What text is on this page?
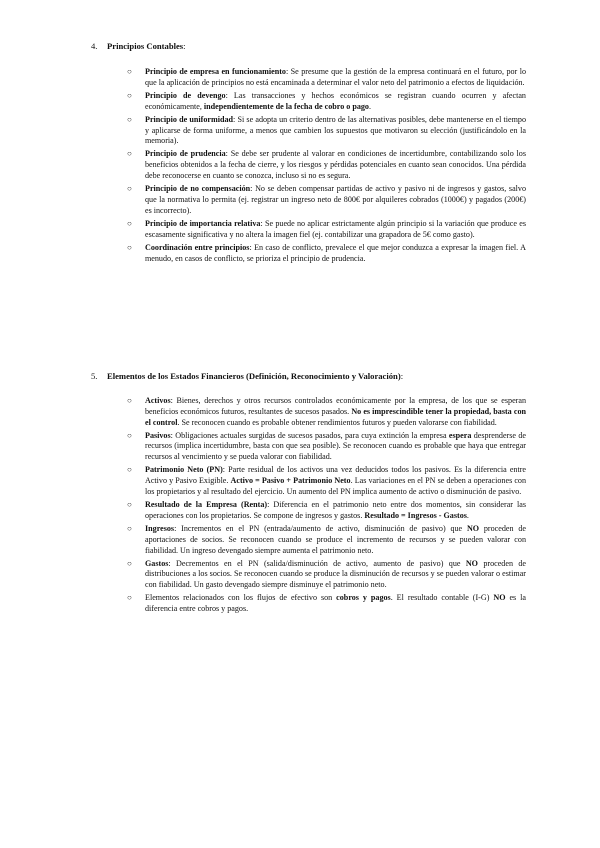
4. Principios Contables:
○ Principio de empresa en funcionamiento: Se presume que la gestión de la empresa continuará en el futuro, por lo que la aplicación de principios no está encaminada a determinar el valor neto del patrimonio a efectos de liquidación.
○ Principio de devengo: Las transacciones y hechos económicos se registran cuando ocurren y afectan económicamente, independientemente de la fecha de cobro o pago.
○ Principio de uniformidad: Si se adopta un criterio dentro de las alternativas posibles, debe mantenerse en el tiempo y aplicarse de forma uniforme, a menos que cambien los supuestos que motivaron su elección (justificándolo en la memoria).
○ Principio de prudencia: Se debe ser prudente al valorar en condiciones de incertidumbre, contabilizando solo los beneficios obtenidos a la fecha de cierre, y los riesgos y pérdidas potenciales en cuanto sean conocidos. Una pérdida debe reconocerse en cuanto se conozca, incluso si no es segura.
○ Principio de no compensación: No se deben compensar partidas de activo y pasivo ni de ingresos y gastos, salvo que la normativa lo permita (ej. registrar un ingreso neto de 800€ por alquileres cobrados (1000€) y pagados (200€) es incorrecto).
○ Principio de importancia relativa: Se puede no aplicar estrictamente algún principio si la variación que produce es escasamente significativa y no altera la imagen fiel (ej. contabilizar una grapadora de 5€ como gasto).
○ Coordinación entre principios: En caso de conflicto, prevalece el que mejor conduzca a expresar la imagen fiel. A menudo, en casos de conflicto, se prioriza el principio de prudencia.
5. Elementos de los Estados Financieros (Definición, Reconocimiento y Valoración):
○ Activos: Bienes, derechos y otros recursos controlados económicamente por la empresa, de los que se esperan beneficios económicos futuros, resultantes de sucesos pasados. No es imprescindible tener la propiedad, basta con el control. Se reconocen cuando es probable obtener rendimientos futuros y pueden valorarse con fiabilidad.
○ Pasivos: Obligaciones actuales surgidas de sucesos pasados, para cuya extinción la empresa espera desprenderse de recursos (implica incertidumbre, basta con que sea posible). Se reconocen cuando es probable que haya que entregar recursos al vencimiento y se pueda valorar con fiabilidad.
○ Patrimonio Neto (PN): Parte residual de los activos una vez deducidos todos los pasivos. Es la diferencia entre Activo y Pasivo Exigible. Activo = Pasivo + Patrimonio Neto. Las variaciones en el PN se deben a operaciones con los propietarios y al resultado del ejercicio. Un aumento del PN implica aumento de activo o disminución de pasivo.
○ Resultado de la Empresa (Renta): Diferencia en el patrimonio neto entre dos momentos, sin considerar las operaciones con los propietarios. Se compone de ingresos y gastos. Resultado = Ingresos - Gastos.
○ Ingresos: Incrementos en el PN (entrada/aumento de activo, disminución de pasivo) que NO proceden de aportaciones de socios. Se reconocen cuando se produce el incremento de recursos y se pueden valorar con fiabilidad. Un ingreso devengado siempre aumenta el patrimonio neto.
○ Gastos: Decrementos en el PN (salida/disminución de activo, aumento de pasivo) que NO proceden de distribuciones a los socios. Se reconocen cuando se produce la disminución de recursos y se pueden valorar o estimar con fiabilidad. Un gasto devengado siempre disminuye el patrimonio neto.
○ Elementos relacionados con los flujos de efectivo son cobros y pagos. El resultado contable (I-G) NO es la diferencia entre cobros y pagos.
